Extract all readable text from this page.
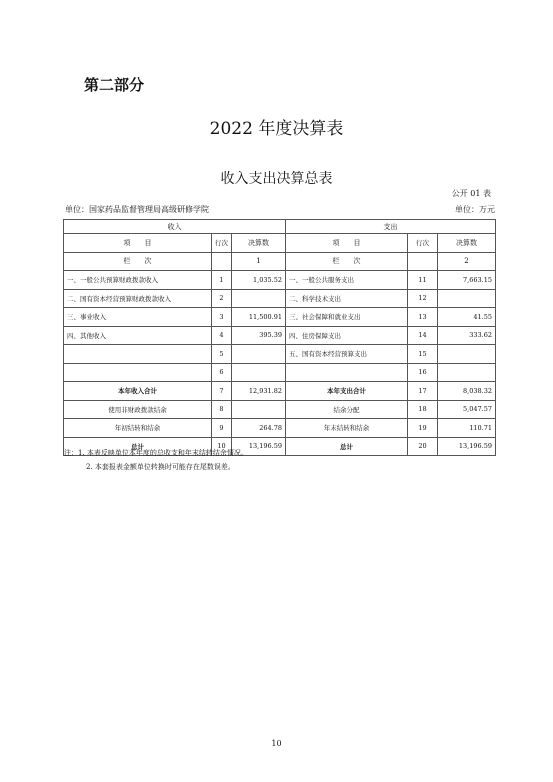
第二部分
2022 年度决算表
收入支出决算总表
公开 01 表
单位：国家药品监督管理局高级研修学院	单位：万元
收入			支出		
项　　目	行次	决算数	项　　目	行次	决算数
栏　　次		1	栏　　次		2
一、一般公共预算财政拨款收入	1	1,035.52	一、一般公共服务支出	11	7,663.15
二、国有资本经营预算财政拨款收入	2		二、科学技术支出	12	
三、事业收入	3	11,500.91	三、社会保障和就业支出	13	41.55
四、其他收入	4	395.39	四、住房保障支出	14	333.62
	5		五、国有资本经营预算支出	15	
	6			16	
本年收入合计	7	12,931.82	本年支出合计	17	8,038.32
使用非财政拨款结余	8		结余分配	18	5,047.57
年初结转和结余	9	264.78	年末结转和结余	19	110.71
总计	10	13,196.59	总计	20	13,196.59
注：1. 本表反映单位本年度的总收支和年末结转结余情况。
2. 本套报表金额单位转换时可能存在尾数误差。
10
